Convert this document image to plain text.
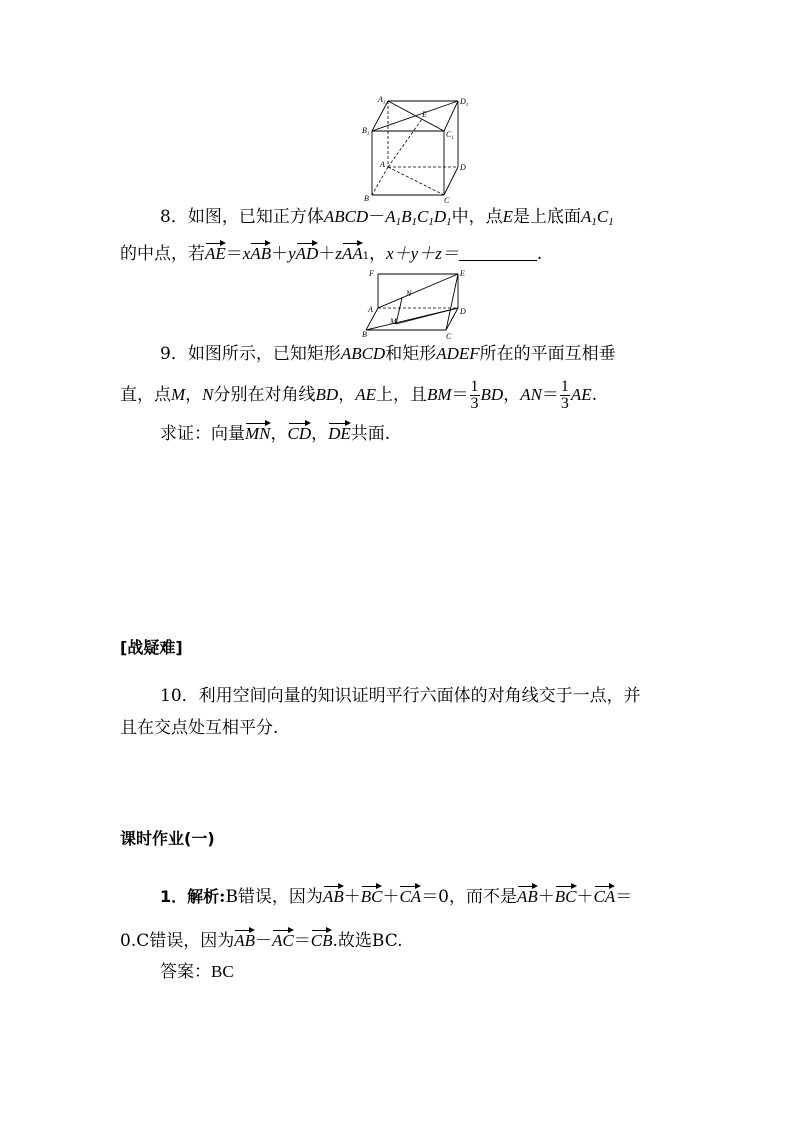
$A_1$	$D_1$
$B_1$	$C_1$
E
A	D
B	C
8．如图，已知正方体$ABCD-A_1B_1C_1D_1$中，点E是上底面$A_1C_1$
的中点，若AE＝xAB＋yAD＋zAA1，x＋y＋z＝	.
F	E
A
N
M
D
B	C
9．如图所示，已知矩形ABCD和矩形ADEF所在的平面互相垂
直，点M，N分别在对角线BD，AE上，且$BM= \frac{1}{3}$ BD，$AN= \frac{1}{3}$ AE.
求证：向量MN，CD，DE共面.
[战疑难]
10．利用空间向量的知识证明平行六面体的对角线交于一点，并
且在交点处互相平分.
课时作业(一)
1．解析:B错误，因为AB＋BC＋CA＝0，而不是AB＋BC＋CA＝
0.C错误，因为AB－AC＝CB.故选BC.
答案：BC
